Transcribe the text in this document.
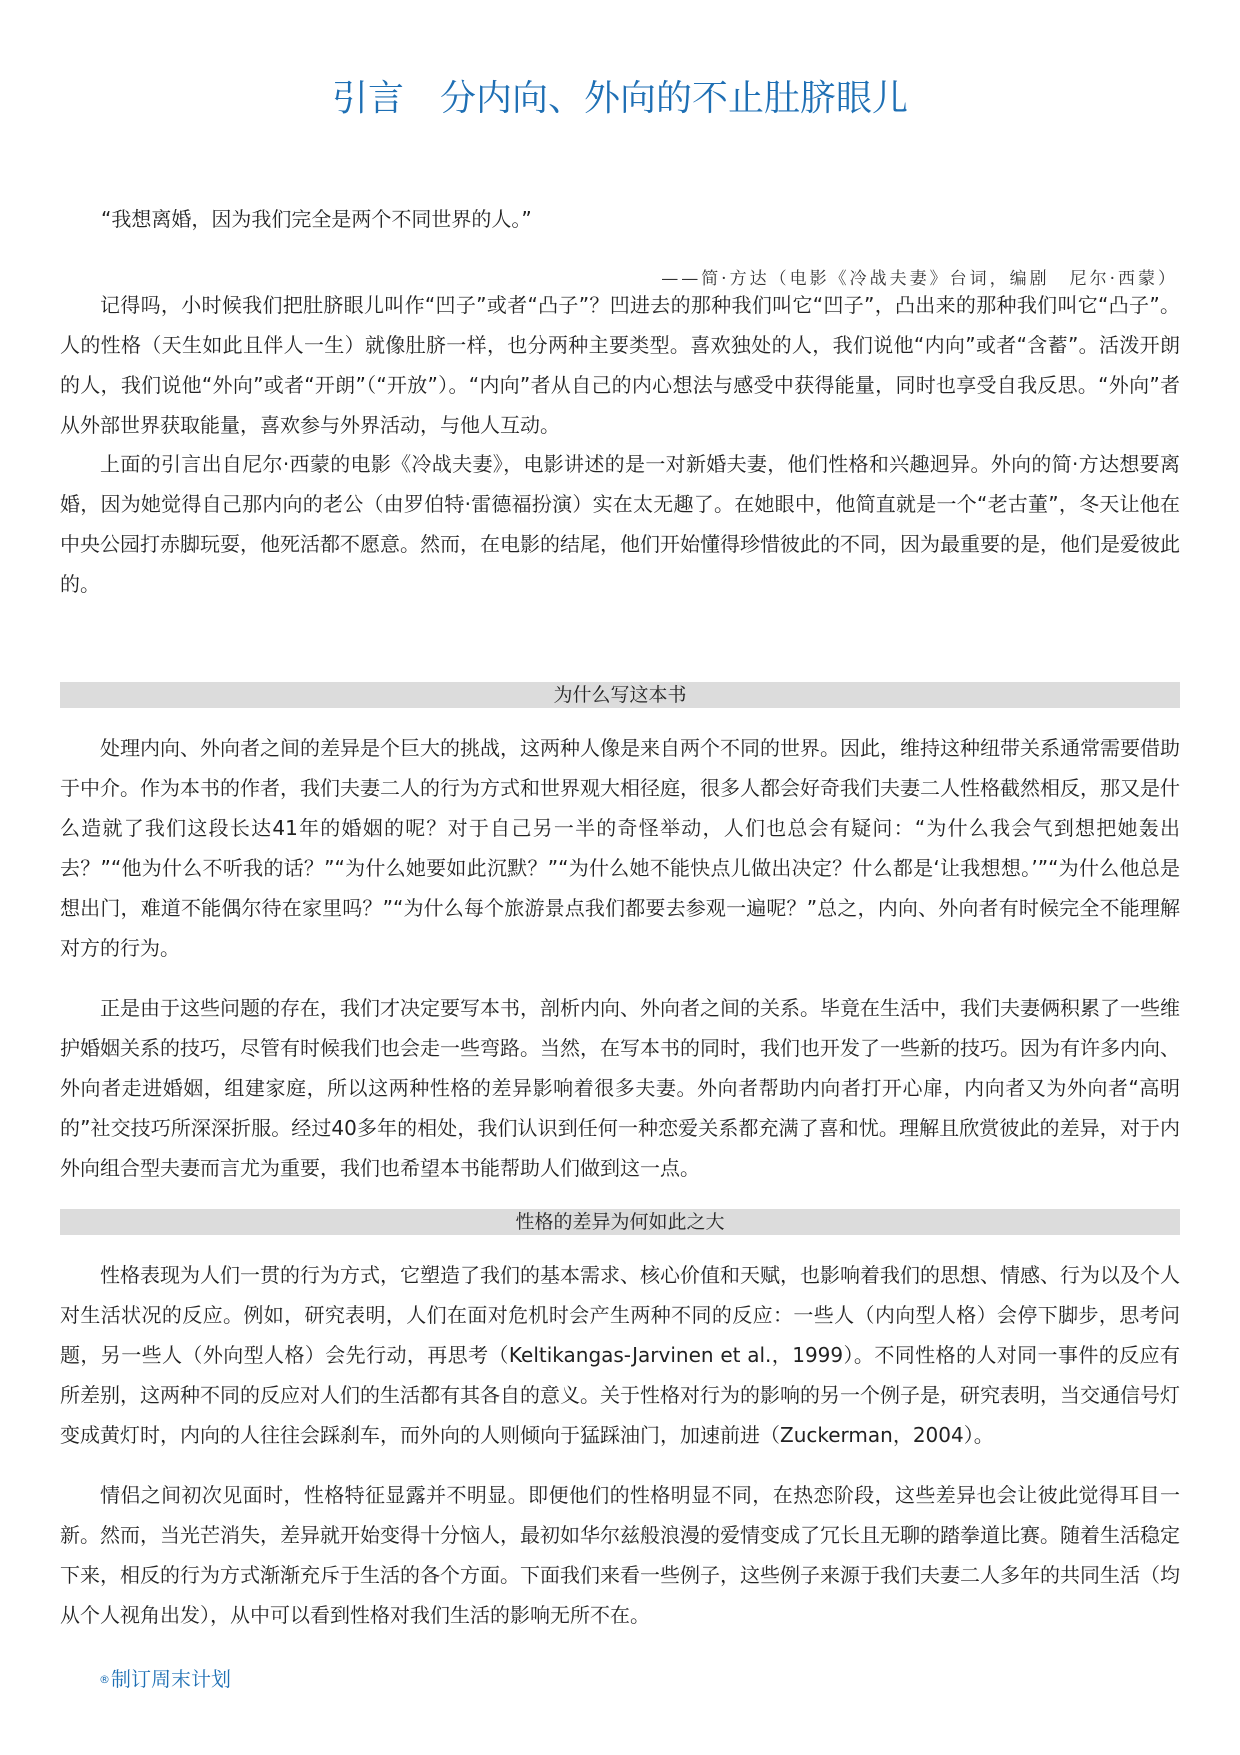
引言　分内向、外向的不止肚脐眼儿
“我想离婚，因为我们完全是两个不同世界的人。”
——简·方达（电影《冷战夫妻》台词，编剧　尼尔·西蒙）

记得吗，小时候我们把肚脐眼儿叫作“凹子”或者“凸子”？凹进去的那种我们叫它“凹子”，凸出来的那种我们叫它“凸子”。人的性格（天生如此且伴人一生）就像肚脐一样，也分两种主要类型。喜欢独处的人，我们说他“内向”或者“含蓄”。活泼开朗的人，我们说他“外向”或者“开朗”（“开放”）。“内向”者从自己的内心想法与感受中获得能量，同时也享受自我反思。“外向”者从外部世界获取能量，喜欢参与外界活动，与他人互动。

上面的引言出自尼尔·西蒙的电影《冷战夫妻》，电影讲述的是一对新婚夫妻，他们性格和兴趣迥异。外向的简·方达想要离婚，因为她觉得自己那内向的老公（由罗伯特·雷德福扮演）实在太无趣了。在她眼中，他简直就是一个“老古董”，冬天让他在中央公园打赤脚玩耍，他死活都不愿意。然而，在电影的结尾，他们开始懂得珍惜彼此的不同，因为最重要的是，他们是爱彼此的。

为什么写这本书

处理内向、外向者之间的差异是个巨大的挑战，这两种人像是来自两个不同的世界。因此，维持这种纽带关系通常需要借助于中介。作为本书的作者，我们夫妻二人的行为方式和世界观大相径庭，很多人都会好奇我们夫妻二人性格截然相反，那又是什么造就了我们这段长达41年的婚姻的呢？对于自己另一半的奇怪举动，人们也总会有疑问：“为什么我会气到想把她轰出去？”“他为什么不听我的话？”“为什么她要如此沉默？”“为什么她不能快点儿做出决定？什么都是‘让我想想。’”“为什么他总是想出门，难道不能偶尔待在家里吗？”“为什么每个旅游景点我们都要去参观一遍呢？”总之，内向、外向者有时候完全不能理解对方的行为。

正是由于这些问题的存在，我们才决定要写本书，剖析内向、外向者之间的关系。毕竟在生活中，我们夫妻俩积累了一些维护婚姻关系的技巧，尽管有时候我们也会走一些弯路。当然，在写本书的同时，我们也开发了一些新的技巧。因为有许多内向、外向者走进婚姻，组建家庭，所以这两种性格的差异影响着很多夫妻。外向者帮助内向者打开心扉，内向者又为外向者“高明的”社交技巧所深深折服。经过40多年的相处，我们认识到任何一种恋爱关系都充满了喜和忧。理解且欣赏彼此的差异，对于内外向组合型夫妻而言尤为重要，我们也希望本书能帮助人们做到这一点。

性格的差异为何如此之大

性格表现为人们一贯的行为方式，它塑造了我们的基本需求、核心价值和天赋，也影响着我们的思想、情感、行为以及个人对生活状况的反应。例如，研究表明，人们在面对危机时会产生两种不同的反应：一些人（内向型人格）会停下脚步，思考问题，另一些人（外向型人格）会先行动，再思考（Keltikangas-Jarvinen et al.，1999）。不同性格的人对同一事件的反应有所差别，这两种不同的反应对人们的生活都有其各自的意义。关于性格对行为的影响的另一个例子是，研究表明，当交通信号灯变成黄灯时，内向的人往往会踩刹车，而外向的人则倾向于猛踩油门，加速前进（Zuckerman，2004）。

情侣之间初次见面时，性格特征显露并不明显。即便他们的性格明显不同，在热恋阶段，这些差异也会让彼此觉得耳目一新。然而，当光芒消失，差异就开始变得十分恼人，最初如华尔兹般浪漫的爱情变成了冗长且无聊的踏拳道比赛。随着生活稳定下来，相反的行为方式渐渐充斥于生活的各个方面。下面我们来看一些例子，这些例子来源于我们夫妻二人多年的共同生活（均从个人视角出发），从中可以看到性格对我们生活的影响无所不在。

®制订周末计划
